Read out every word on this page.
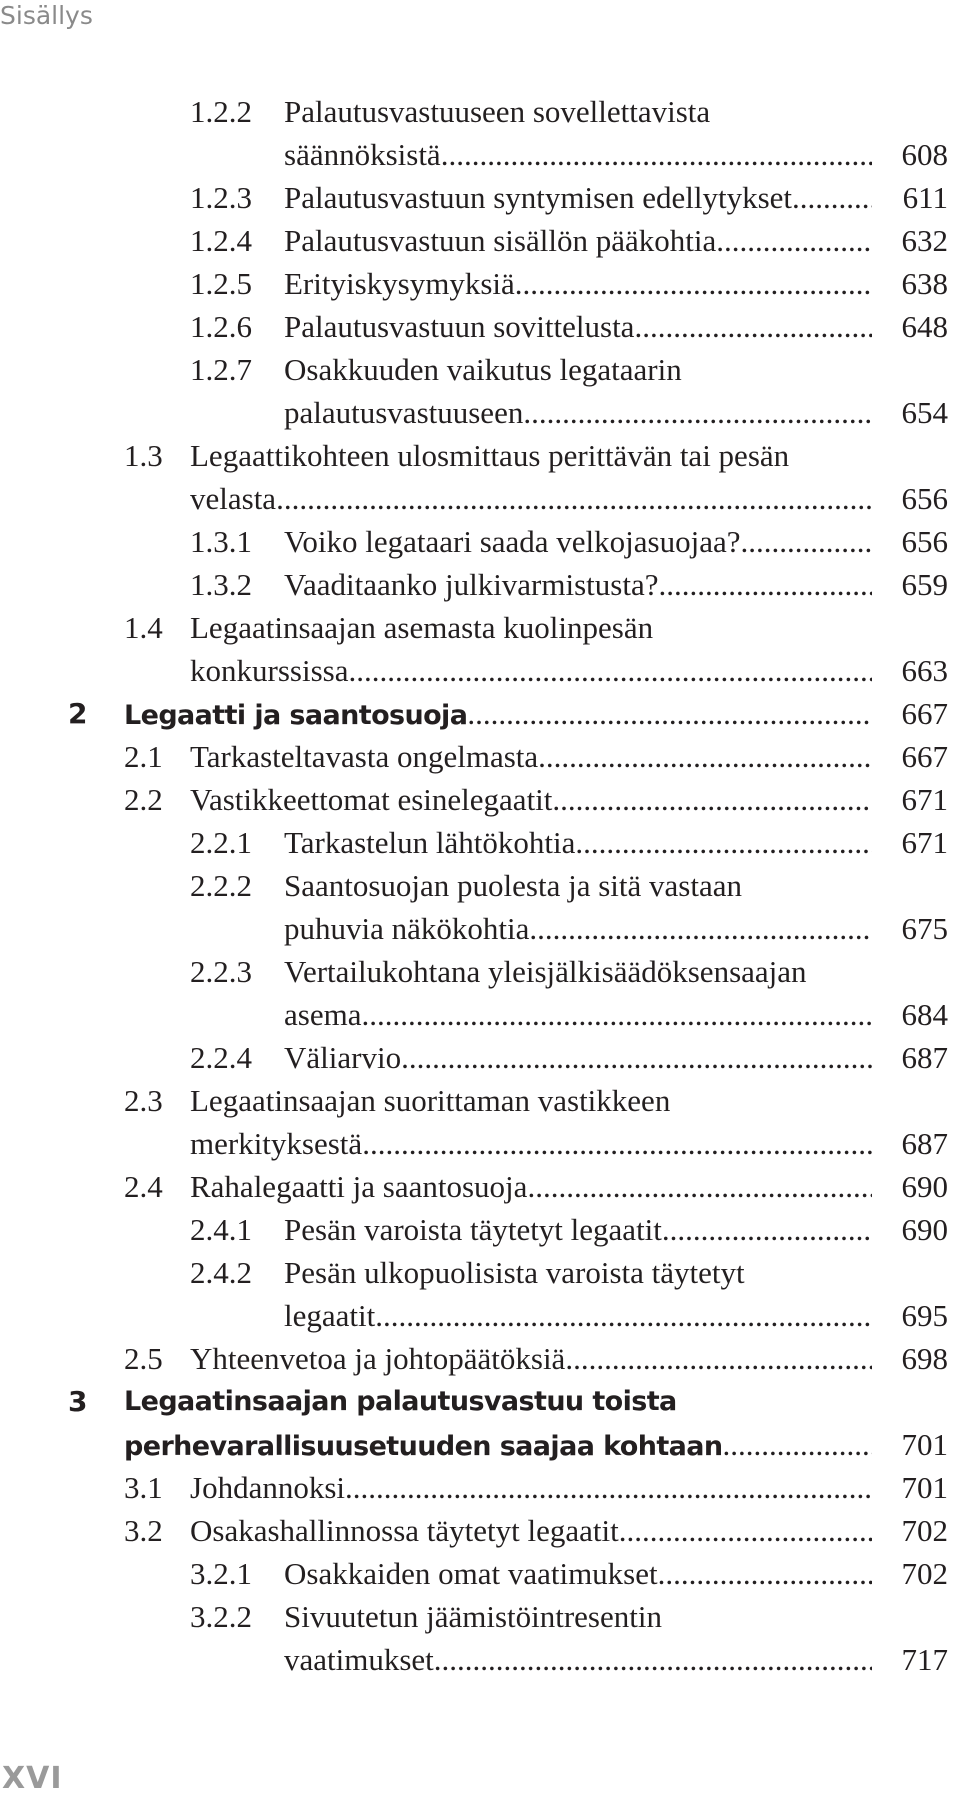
Sisällys
1.2.2 Palautusvastuuseen sovellettavista
säännöksistä .....	608
1.2.3 Palautusvastuun syntymisen edellytykset .....	611
1.2.4 Palautusvastuun sisällön pääkohtia .....	632
1.2.5 Erityiskysymyksiä .....	638
1.2.6 Palautusvastuun sovittelusta .....	648
1.2.7 Osakkuuden vaikutus legataarin
palautusvastuuseen .....	654
1.3 Legaattikohteen ulosmittaus perittävän tai pesän
velasta .....	656
1.3.1 Voiko legataari saada velkojasuojaa? .....	656
1.3.2 Vaaditaanko julkivarmistusta? .....	659
1.4 Legaatinsaajan asemasta kuolinpesän
konkurssissa .....	663
2 Legaatti ja saantosuoja .....	667
2.1 Tarkasteltavasta ongelmasta .....	667
2.2 Vastikkeettomat esinelegaatit .....	671
2.2.1 Tarkastelun lähtökohtia .....	671
2.2.2 Saantosuojan puolesta ja sitä vastaan
puhuvia näkökohtia .....	675
2.2.3 Vertailukohtana yleisjälkisäädöksensaajan
asema .....	684
2.2.4 Väliarvio .....	687
2.3 Legaatinsaajan suorittaman vastikkeen
merkityksestä .....	687
2.4 Rahalegaatti ja saantosuoja .....	690
2.4.1 Pesän varoista täytetyt legaatit .....	690
2.4.2 Pesän ulkopuolisista varoista täytetyt
legaatit .....	695
2.5 Yhteenvetoa ja johtopäätöksiä .....	698
3 Legaatinsaajan palautusvastuu toista
perhevarallisuusetuuden saajaa kohtaan .....	701
3.1 Johdannoksi .....	701
3.2 Osakashallinnossa täytetyt legaatit .....	702
3.2.1 Osakkaiden omat vaatimukset .....	702
3.2.2 Sivuutetun jäämistöintresentin
vaatimukset .....	717
XVI
